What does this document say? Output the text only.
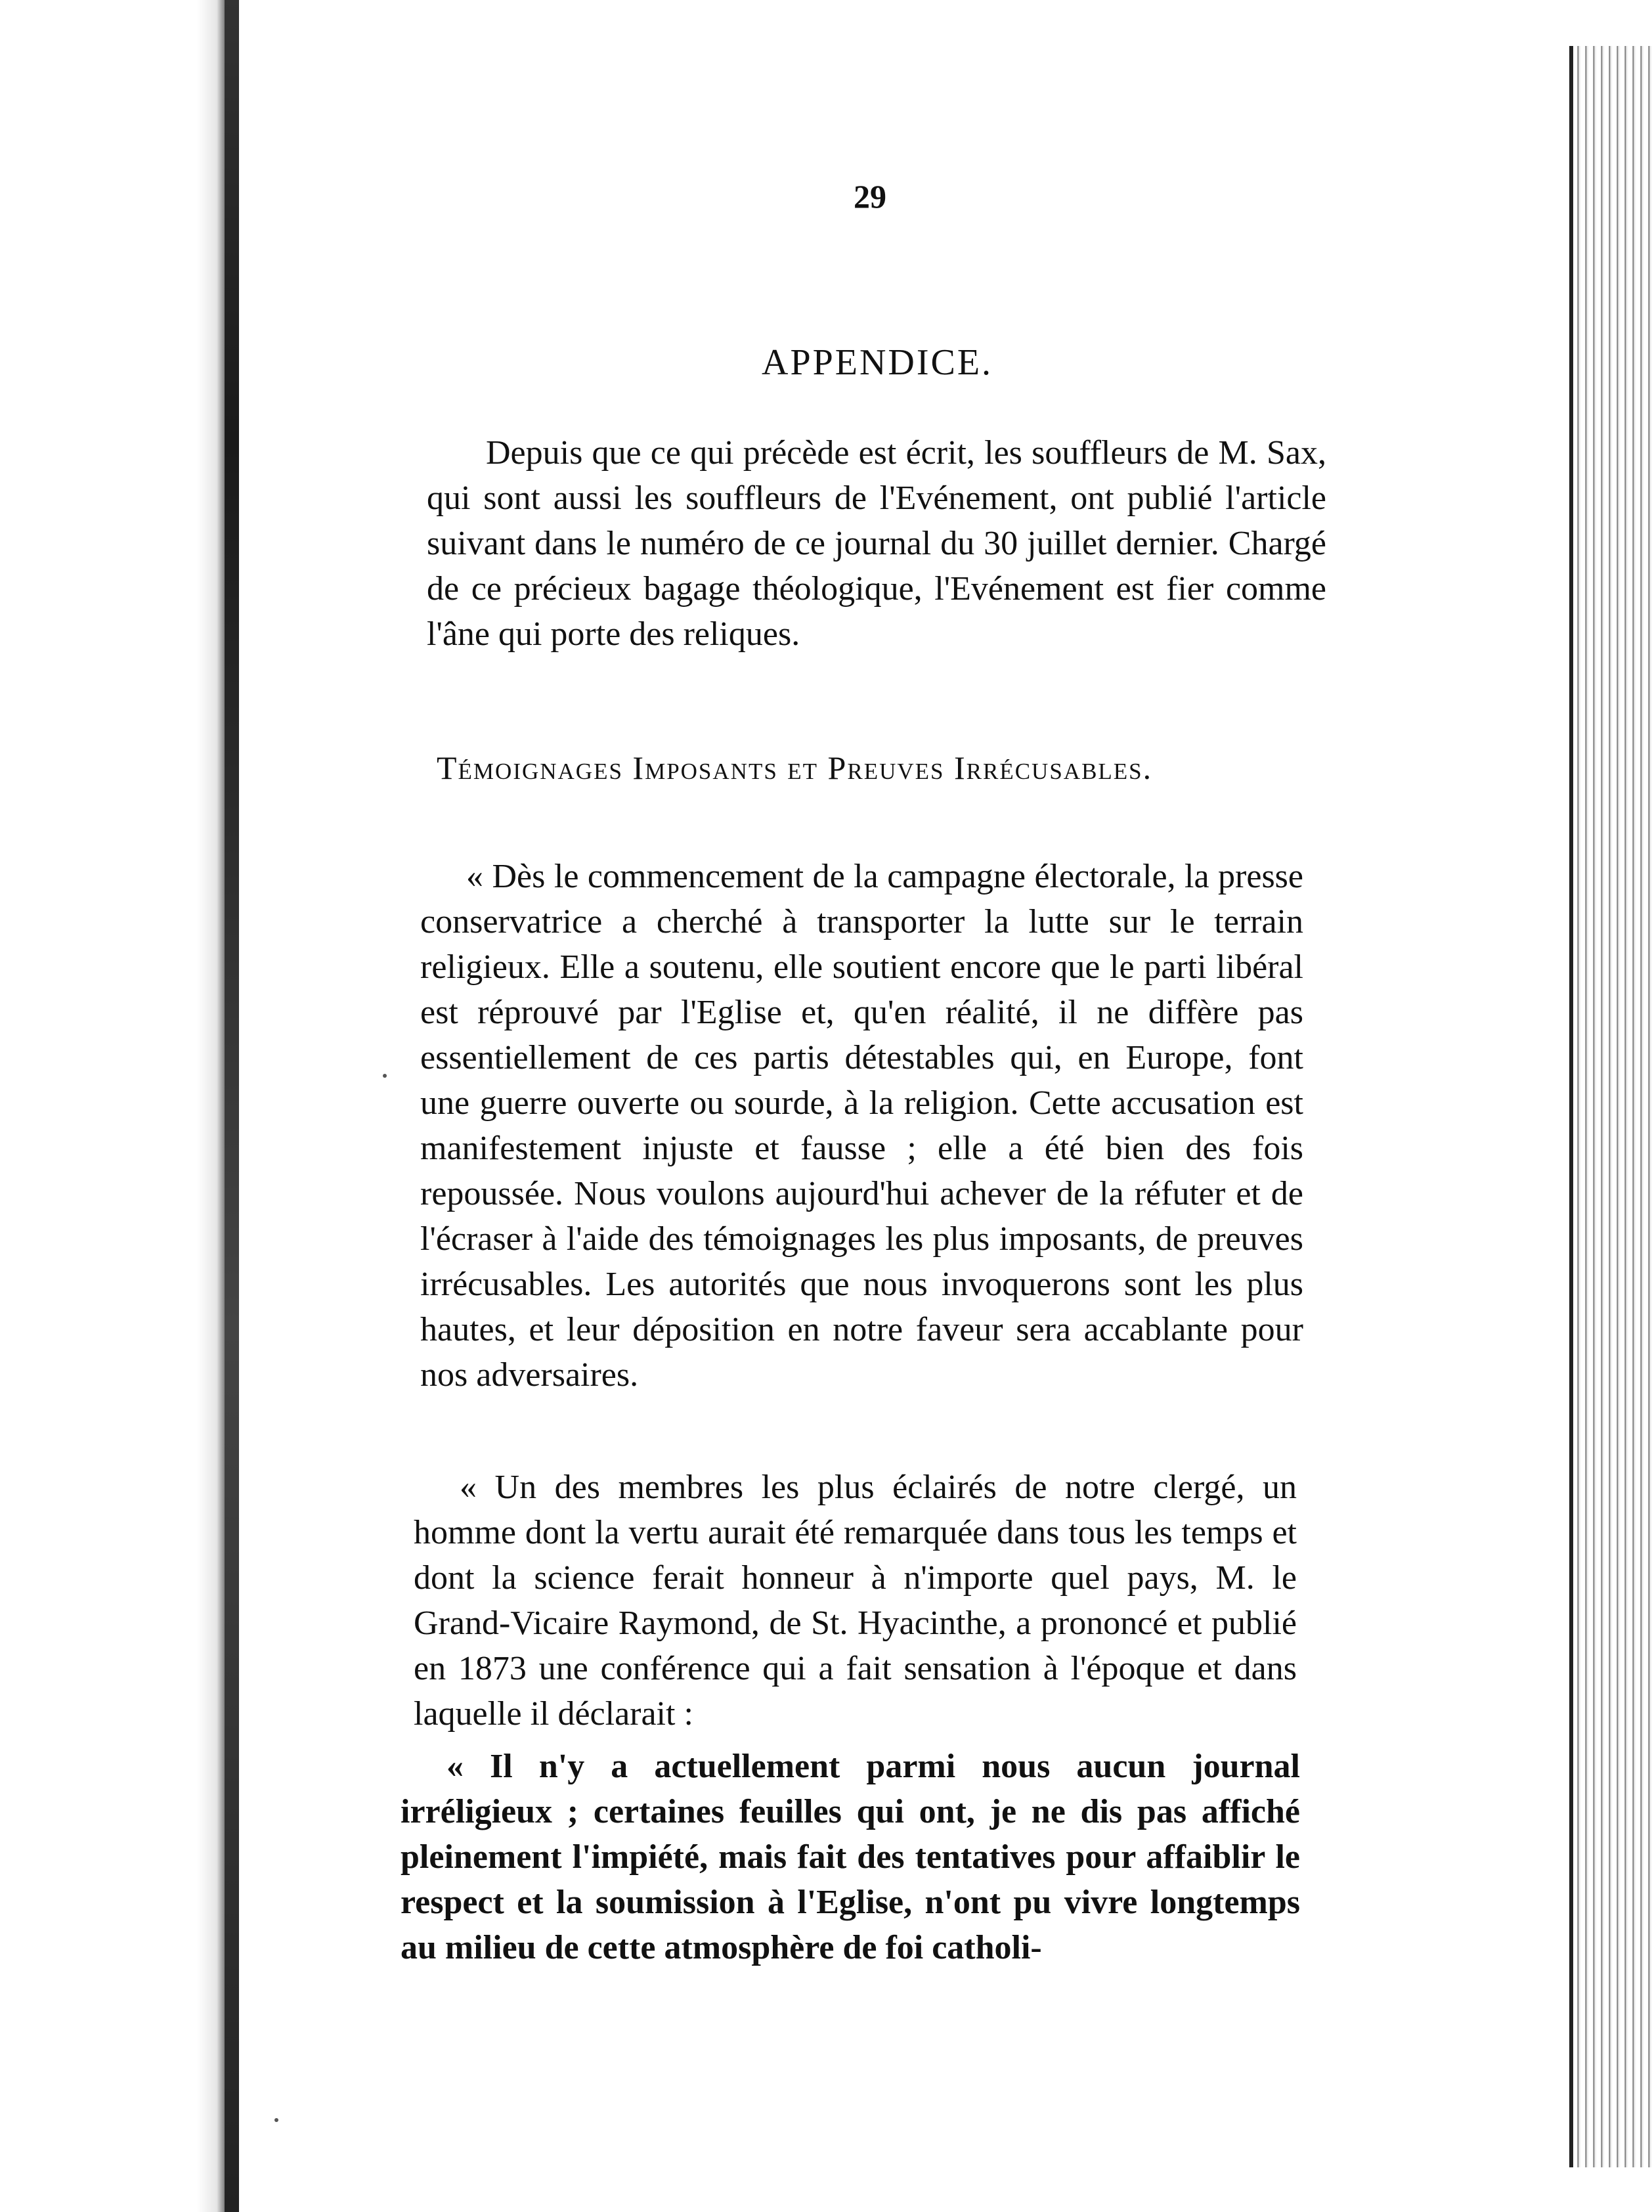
29
APPENDICE.

Depuis que ce qui précède est écrit, les souffleurs de M. Sax, qui sont aussi les souffleurs de l'Evénement, ont publié l'article suivant dans le numéro de ce journal du 30 juillet dernier. Chargé de ce précieux bagage théologique, l'Evénement est fier comme l'âne qui porte des reliques.

Témoignages Imposants et Preuves Irrécusables.

« Dès le commencement de la campagne électorale, la presse conservatrice a cherché à transporter la lutte sur le terrain religieux. Elle a soutenu, elle soutient encore que le parti libéral est réprouvé par l'Eglise et, qu'en réalité, il ne diffère pas essentiellement de ces partis détestables qui, en Europe, font une guerre ouverte ou sourde, à la religion. Cette accusation est manifestement injuste et fausse ; elle a été bien des fois repoussée. Nous voulons aujourd'hui achever de la réfuter et de l'écraser à l'aide des témoignages les plus imposants, de preuves irrécusables. Les autorités que nous invoquerons sont les plus hautes, et leur déposition en notre faveur sera accablante pour nos adversaires.

« Un des membres les plus éclairés de notre clergé, un homme dont la vertu aurait été remarquée dans tous les temps et dont la science ferait honneur à n'importe quel pays, M. le Grand-Vicaire Raymond, de St. Hyacinthe, a prononcé et publié en 1873 une conférence qui a fait sensation à l'époque et dans laquelle il déclarait :

« Il n'y a actuellement parmi nous aucun journal irréligieux ; certaines feuilles qui ont, je ne dis pas affiché pleinement l'impiété, mais fait des tentatives pour affaiblir le respect et la soumission à l'Eglise, n'ont pu vivre longtemps au milieu de cette atmosphère de foi catholi-
